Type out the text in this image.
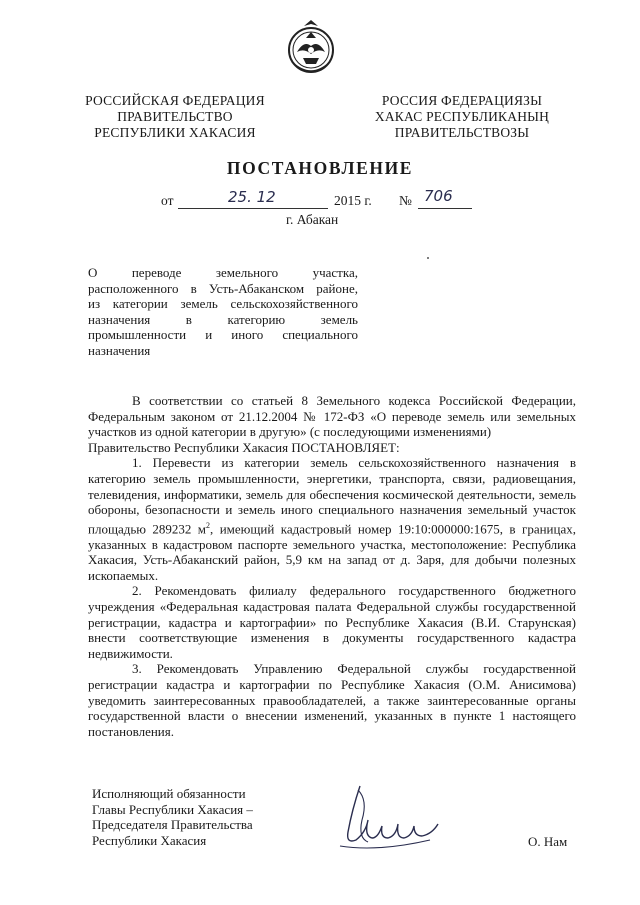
РОССИЙСКАЯ ФЕДЕРАЦИЯ
ПРАВИТЕЛЬСТВО
РЕСПУБЛИКИ ХАКАСИЯ
РОССИЯ ФЕДЕРАЦИЯЗЫ
ХАКАС РЕСПУБЛИКАНЫҢ
ПРАВИТЕЛЬСТВОЗЫ
ПОСТАНОВЛЕНИЕ
от	25. 12	2015 г. № 706
г. Абакан

О переводе земельного участка,

расположенного в Усть-Абаканском районе,

из категории земель сельскохозяйственного

назначения в категорию земель

промышленности и иного специального

назначения

В соответствии со статьей 8 Земельного кодекса Российской Федерации, Федеральным законом от 21.12.2004 № 172-ФЗ «О переводе земель или земельных участков из одной категории в другую» (с последующими изменениями)

Правительство Республики Хакасия ПОСТАНОВЛЯЕТ:

1. Перевести из категории земель сельскохозяйственного назначения в категорию земель промышленности, энергетики, транспорта, связи, радиовещания, телевидения, информатики, земель для обеспечения космической деятельности, земель обороны, безопасности и земель иного специального назначения земельный участок площадью 289232 $м^2$, имеющий кадастровый номер 19:10:000000:1675, в границах, указанных в кадастровом паспорте земельного участка, местоположение: Республика Хакасия, Усть-Абаканский район, 5,9 км на запад от д. Заря, для добычи полезных ископаемых.

2. Рекомендовать филиалу федерального государственного бюджетного учреждения «Федеральная кадастровая палата Федеральной службы государственной регистрации, кадастра и картографии» по Республике Хакасия (В.И. Старунская) внести соответствующие изменения в документы государственного кадастра недвижимости.

3. Рекомендовать Управлению Федеральной службы государственной регистрации кадастра и картографии по Республике Хакасия (О.М. Анисимова) уведомить заинтересованных правообладателей, а также заинтересованные органы государственной власти о внесении изменений, указанных в пункте 1 настоящего постановления.

Исполняющий обязанности
Главы Республики Хакасия –
Председателя Правительства
Республики Хакасия	О. Нам
